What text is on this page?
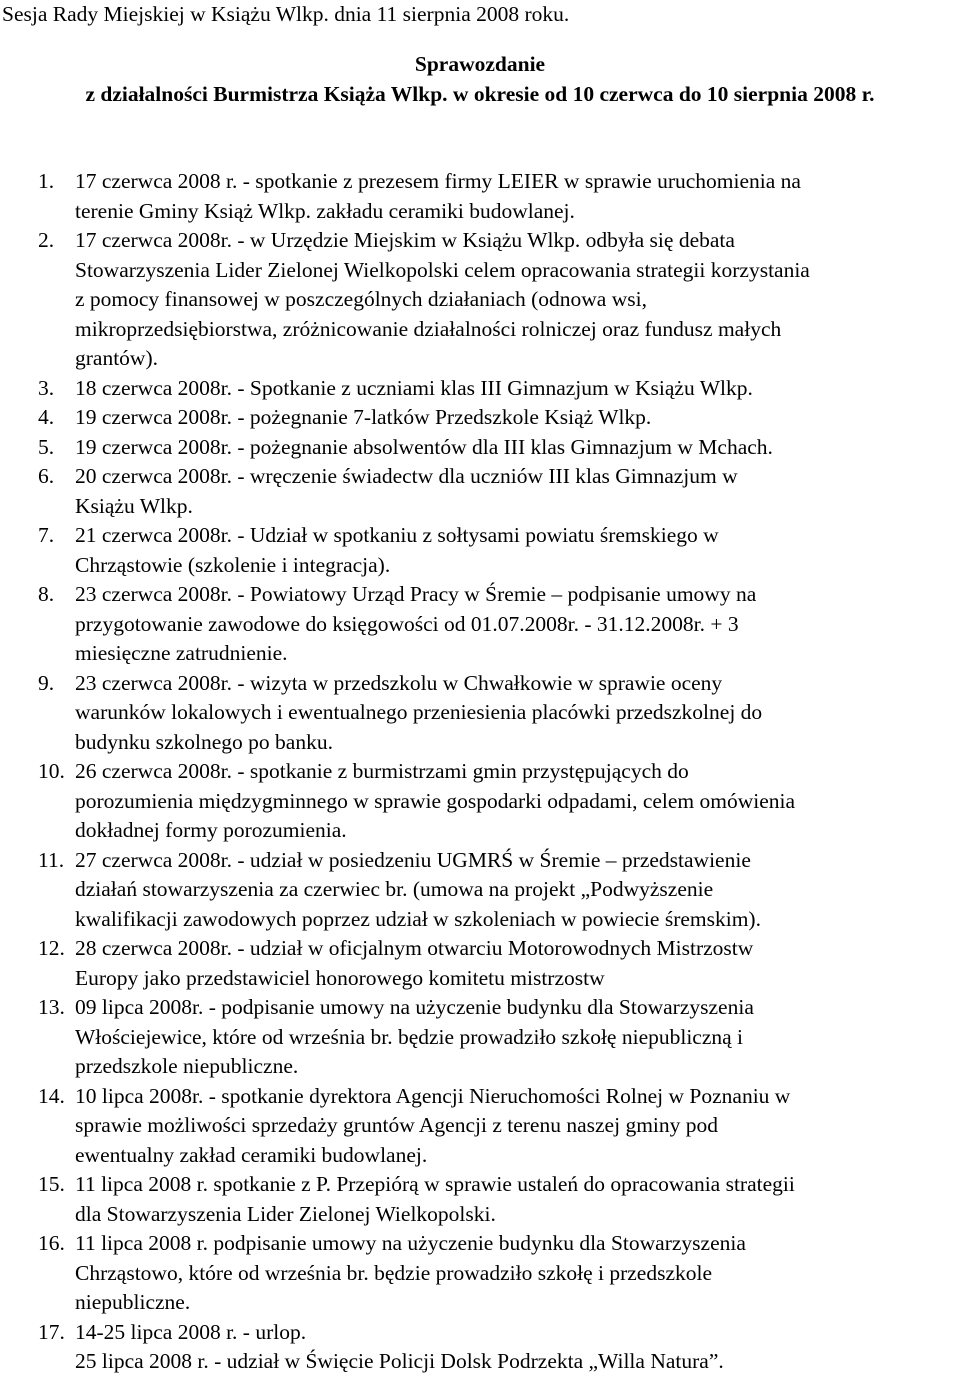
Sesja Rady Miejskiej w Książu Wlkp. dnia 11 sierpnia 2008 roku.
Sprawozdanie
z działalności Burmistrza Książa Wlkp. w okresie od 10 czerwca do 10 sierpnia 2008 r.
1. 17 czerwca 2008 r. - spotkanie z prezesem firmy LEIER w sprawie uruchomienia na
terenie Gminy Książ Wlkp. zakładu ceramiki budowlanej.
2. 17 czerwca 2008r. - w Urzędzie Miejskim w Książu Wlkp. odbyła się debata
Stowarzyszenia Lider Zielonej Wielkopolski celem opracowania strategii korzystania
z pomocy finansowej w poszczególnych działaniach (odnowa wsi,
mikroprzedsiębiorstwa, zróżnicowanie działalności rolniczej oraz fundusz małych
grantów).
3. 18 czerwca 2008r. - Spotkanie z uczniami klas III Gimnazjum w Książu Wlkp.
4. 19 czerwca 2008r. - pożegnanie 7-latków Przedszkole Książ Wlkp.
5. 19 czerwca 2008r. - pożegnanie absolwentów dla III klas Gimnazjum w Mchach.
6. 20 czerwca 2008r. - wręczenie świadectw dla uczniów III klas Gimnazjum w
Książu Wlkp.
7. 21 czerwca 2008r. - Udział w spotkaniu z sołtysami powiatu śremskiego w
Chrząstowie (szkolenie i integracja).
8. 23 czerwca 2008r. - Powiatowy Urząd Pracy w Śremie – podpisanie umowy na
przygotowanie zawodowe do księgowości od 01.07.2008r. - 31.12.2008r. + 3
miesięczne zatrudnienie.
9. 23 czerwca 2008r. - wizyta w przedszkolu w Chwałkowie w sprawie oceny
warunków lokalowych i ewentualnego przeniesienia placówki przedszkolnej do
budynku szkolnego po banku.
10. 26 czerwca 2008r. - spotkanie z burmistrzami gmin przystępujących do
porozumienia międzygminnego w sprawie gospodarki odpadami, celem omówienia
dokładnej formy porozumienia.
11. 27 czerwca 2008r. - udział w posiedzeniu UGMRŚ w Śremie – przedstawienie
działań stowarzyszenia za czerwiec br. (umowa na projekt „Podwyższenie
kwalifikacji zawodowych poprzez udział w szkoleniach w powiecie śremskim).
12. 28 czerwca 2008r. - udział w oficjalnym otwarciu Motorowodnych Mistrzostw
Europy jako przedstawiciel honorowego komitetu mistrzostw
13. 09 lipca 2008r. - podpisanie umowy na użyczenie budynku dla Stowarzyszenia
Włościejewice, które od września br. będzie prowadziło szkołę niepubliczną i
przedszkole niepubliczne.
14. 10 lipca 2008r. - spotkanie dyrektora Agencji Nieruchomości Rolnej w Poznaniu w
sprawie możliwości sprzedaży gruntów Agencji z terenu naszej gminy pod
ewentualny zakład ceramiki budowlanej.
15. 11 lipca 2008 r. spotkanie z P. Przepiórą w sprawie ustaleń do opracowania strategii
dla Stowarzyszenia Lider Zielonej Wielkopolski.
16. 11 lipca 2008 r. podpisanie umowy na użyczenie budynku dla Stowarzyszenia
Chrząstowo, które od września br. będzie prowadziło szkołę i przedszkole
niepubliczne.
17. 14-25 lipca 2008 r. - urlop.
25 lipca 2008 r. - udział w Święcie Policji Dolsk Podrzekta „Willa Natura”.
